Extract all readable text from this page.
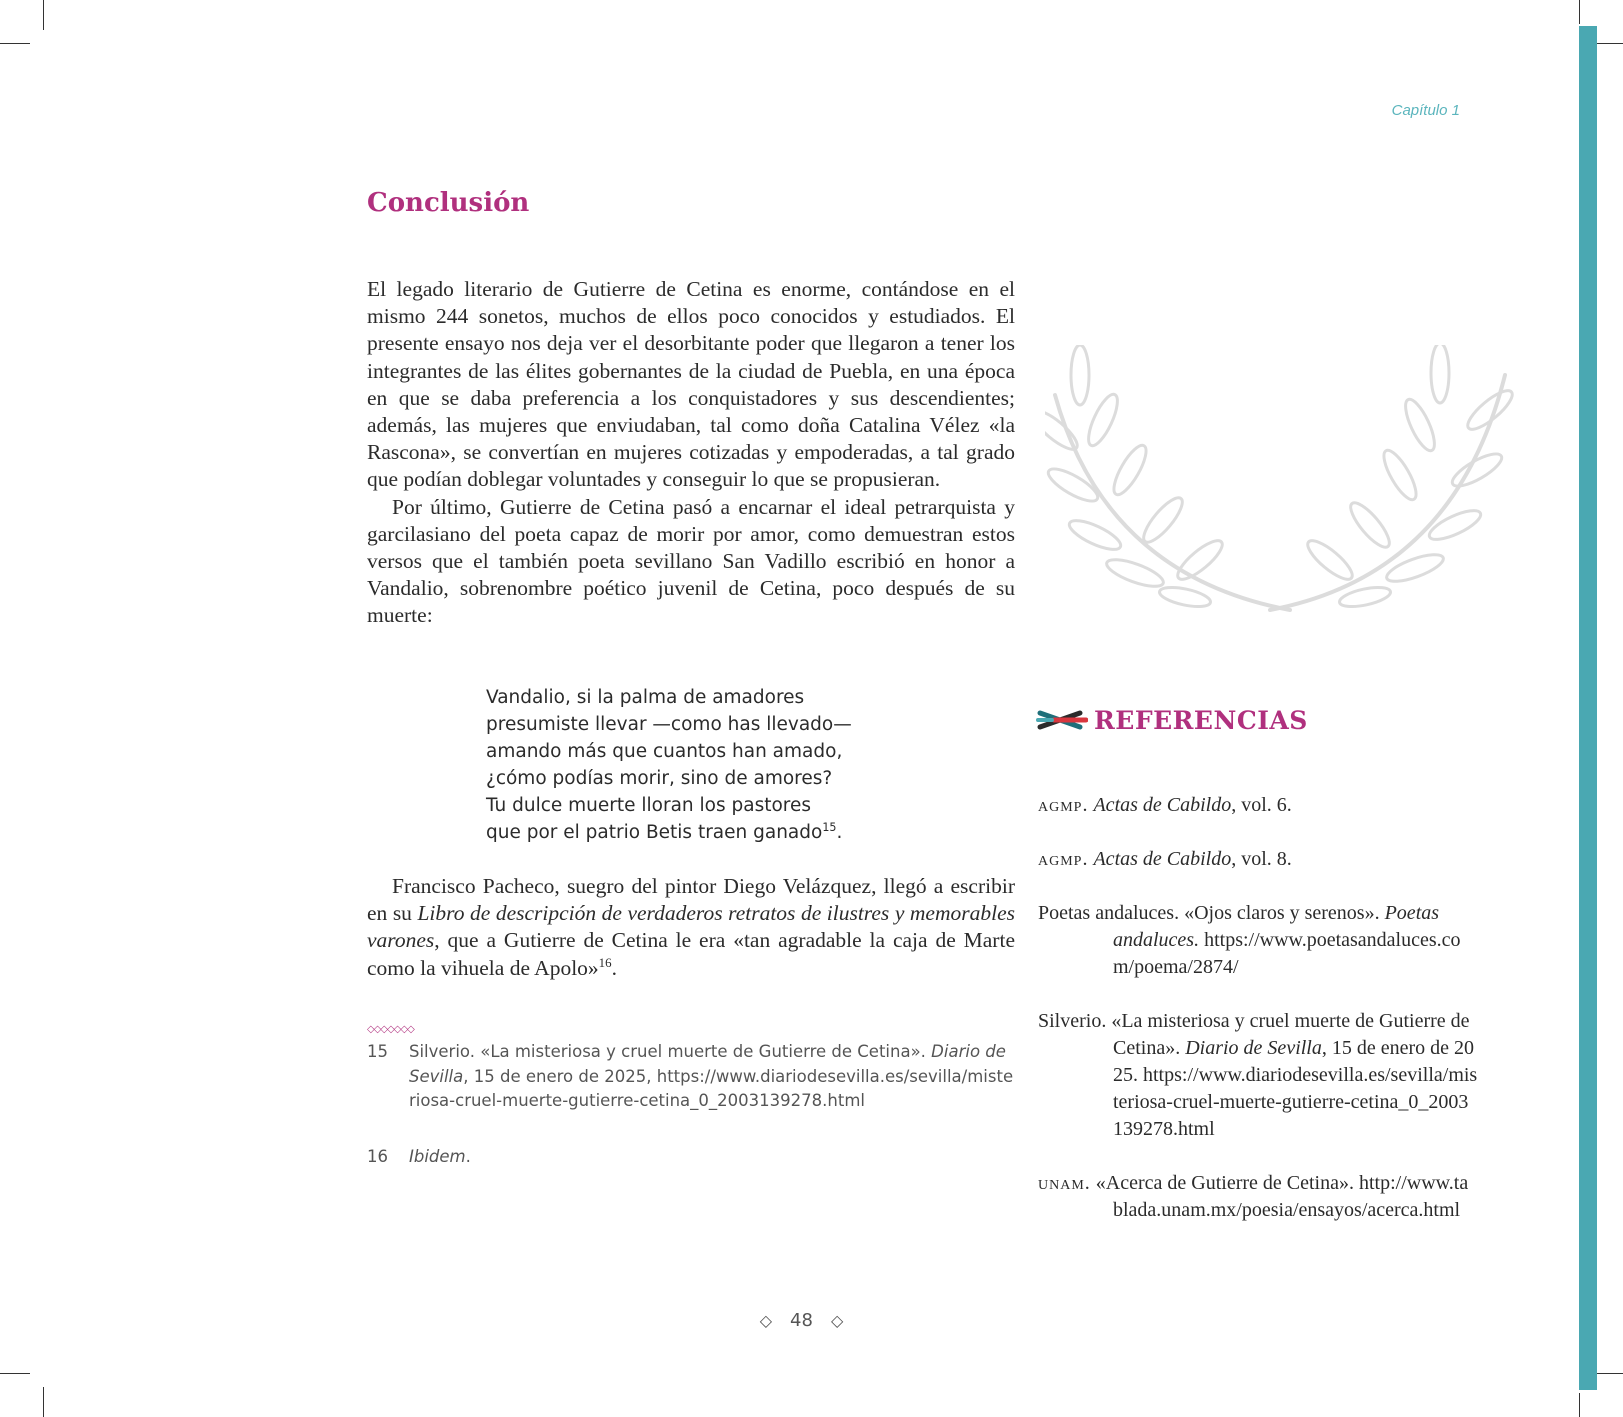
Capítulo 1
Conclusión

El legado literario de Gutierre de Cetina es enorme, contándose en el mismo 244 sonetos, muchos de ellos poco conocidos y estudiados. El presente ensayo nos deja ver el desorbitante poder que llegaron a tener los integrantes de las élites gobernantes de la ciudad de Puebla, en una época en que se daba preferencia a los conquistadores y sus descendientes; además, las mujeres que enviudaban, tal como doña Catalina Vélez «la Rascona», se convertían en mujeres cotizadas y empoderadas, a tal grado que podían doblegar voluntades y conseguir lo que se propusieran.

Por último, Gutierre de Cetina pasó a encarnar el ideal petrarquista y garcilasiano del poeta capaz de morir por amor, como demuestran estos versos que el también poeta sevillano San Vadillo escribió en honor a Vandalio, sobrenombre poético juvenil de Cetina, poco después de su muerte:

Vandalio, si la palma de amadores
presumiste llevar —como has llevado—
amando más que cuantos han amado,
¿cómo podías morir, sino de amores?
Tu dulce muerte lloran los pastores
que por el patrio Betis traen ganado$^{15}$.

Francisco Pacheco, suegro del pintor Diego Velázquez, llegó a escribir en su Libro de descripción de verdaderos retratos de ilustres y memorables varones, que a Gutierre de Cetina le era «tan agradable la caja de Marte como la vihuela de Apolo»$^{16}$.

◇◇◇◇◇◇◇
15 Silverio. «La misteriosa y cruel muerte de Gutierre de Cetina». Diario de Sevilla, 15 de enero de 2025, https://www.diariodesevilla.es/sevilla/misteriosa-cruel-muerte-gutierre-cetina_0_2003139278.html
16 Ibidem.
REFERENCIAS
agmp. Actas de Cabildo, vol. 6.
agmp. Actas de Cabildo, vol. 8.
Poetas andaluces. «Ojos claros y serenos». Poetas andaluces. https://www.poetasandaluces.com/poema/2874/
Silverio. «La misteriosa y cruel muerte de Gutierre de Cetina». Diario de Sevilla, 15 de enero de 2025. https://www.diariodesevilla.es/sevilla/misteriosa-cruel-muerte-gutierre-cetina_0_2003139278.html
unam. «Acerca de Gutierre de Cetina». http://www.tablada.unam.mx/poesia/ensayos/acerca.html
◇ 48 ◇
